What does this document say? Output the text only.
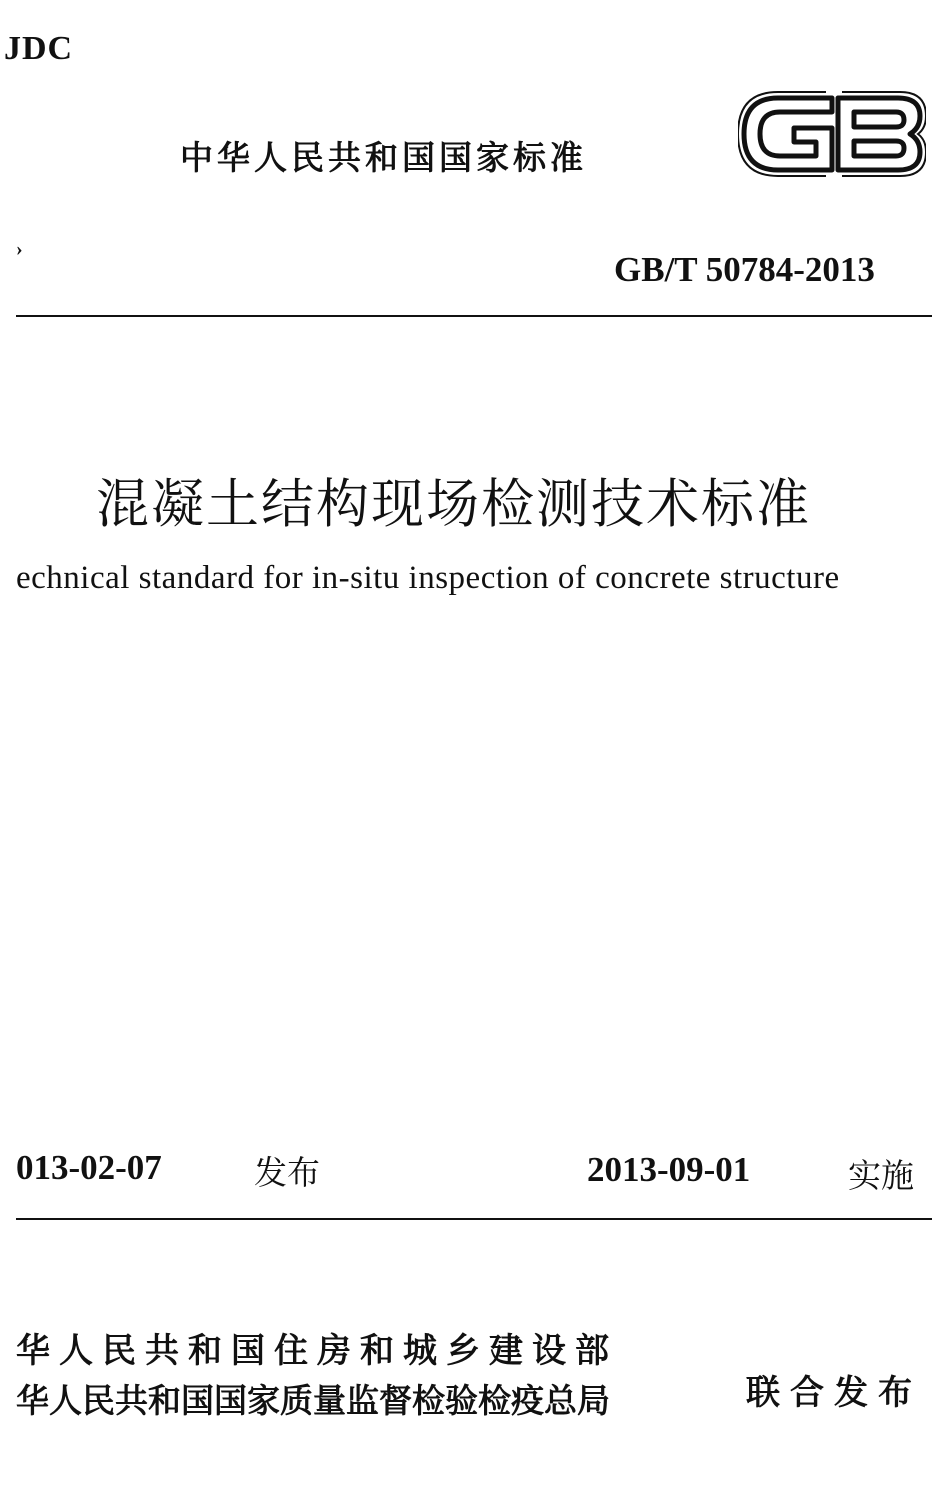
JDC
中华人民共和国国家标准
›
GB/T 50784-2013
混凝土结构现场检测技术标准
echnical standard for in-situ inspection of concrete structure
013-02-07	发布	2013-09-01	实施
华人民共和国住房和城乡建设部
华人民共和国国家质量监督检验检疫总局	联合发布
